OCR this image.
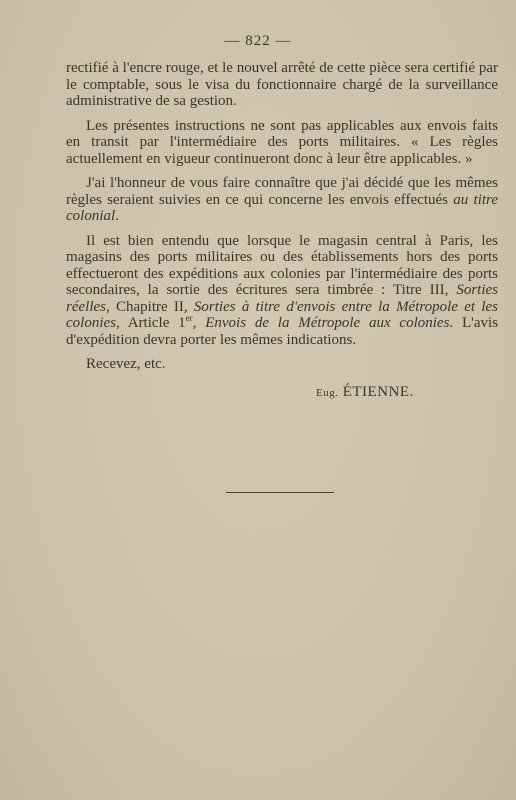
— 822 —

rectifié à l'encre rouge, et le nouvel arrêté de cette pièce sera certifié par le comptable, sous le visa du fonctionnaire chargé de la surveillance administrative de sa gestion.

Les présentes instructions ne sont pas applicables aux envois faits en transit par l'intermédiaire des ports militaires. « Les règles actuellement en vigueur continueront donc à leur être applicables. »

J'ai l'honneur de vous faire connaître que j'ai décidé que les mêmes règles seraient suivies en ce qui concerne les envois effectués au titre colonial.

Il est bien entendu que lorsque le magasin central à Paris, les magasins des ports militaires ou des établissements hors des ports effectueront des expéditions aux colonies par l'intermédiaire des ports secondaires, la sortie des écritures sera timbrée : Titre III, Sorties réelles, Chapitre II, Sorties à titre d'envois entre la Métropole et les colonies, Article 1er, Envois de la Métropole aux colonies. L'avis d'expédition devra porter les mêmes indications.

Recevez, etc.

Eug. ÉTIENNE.
